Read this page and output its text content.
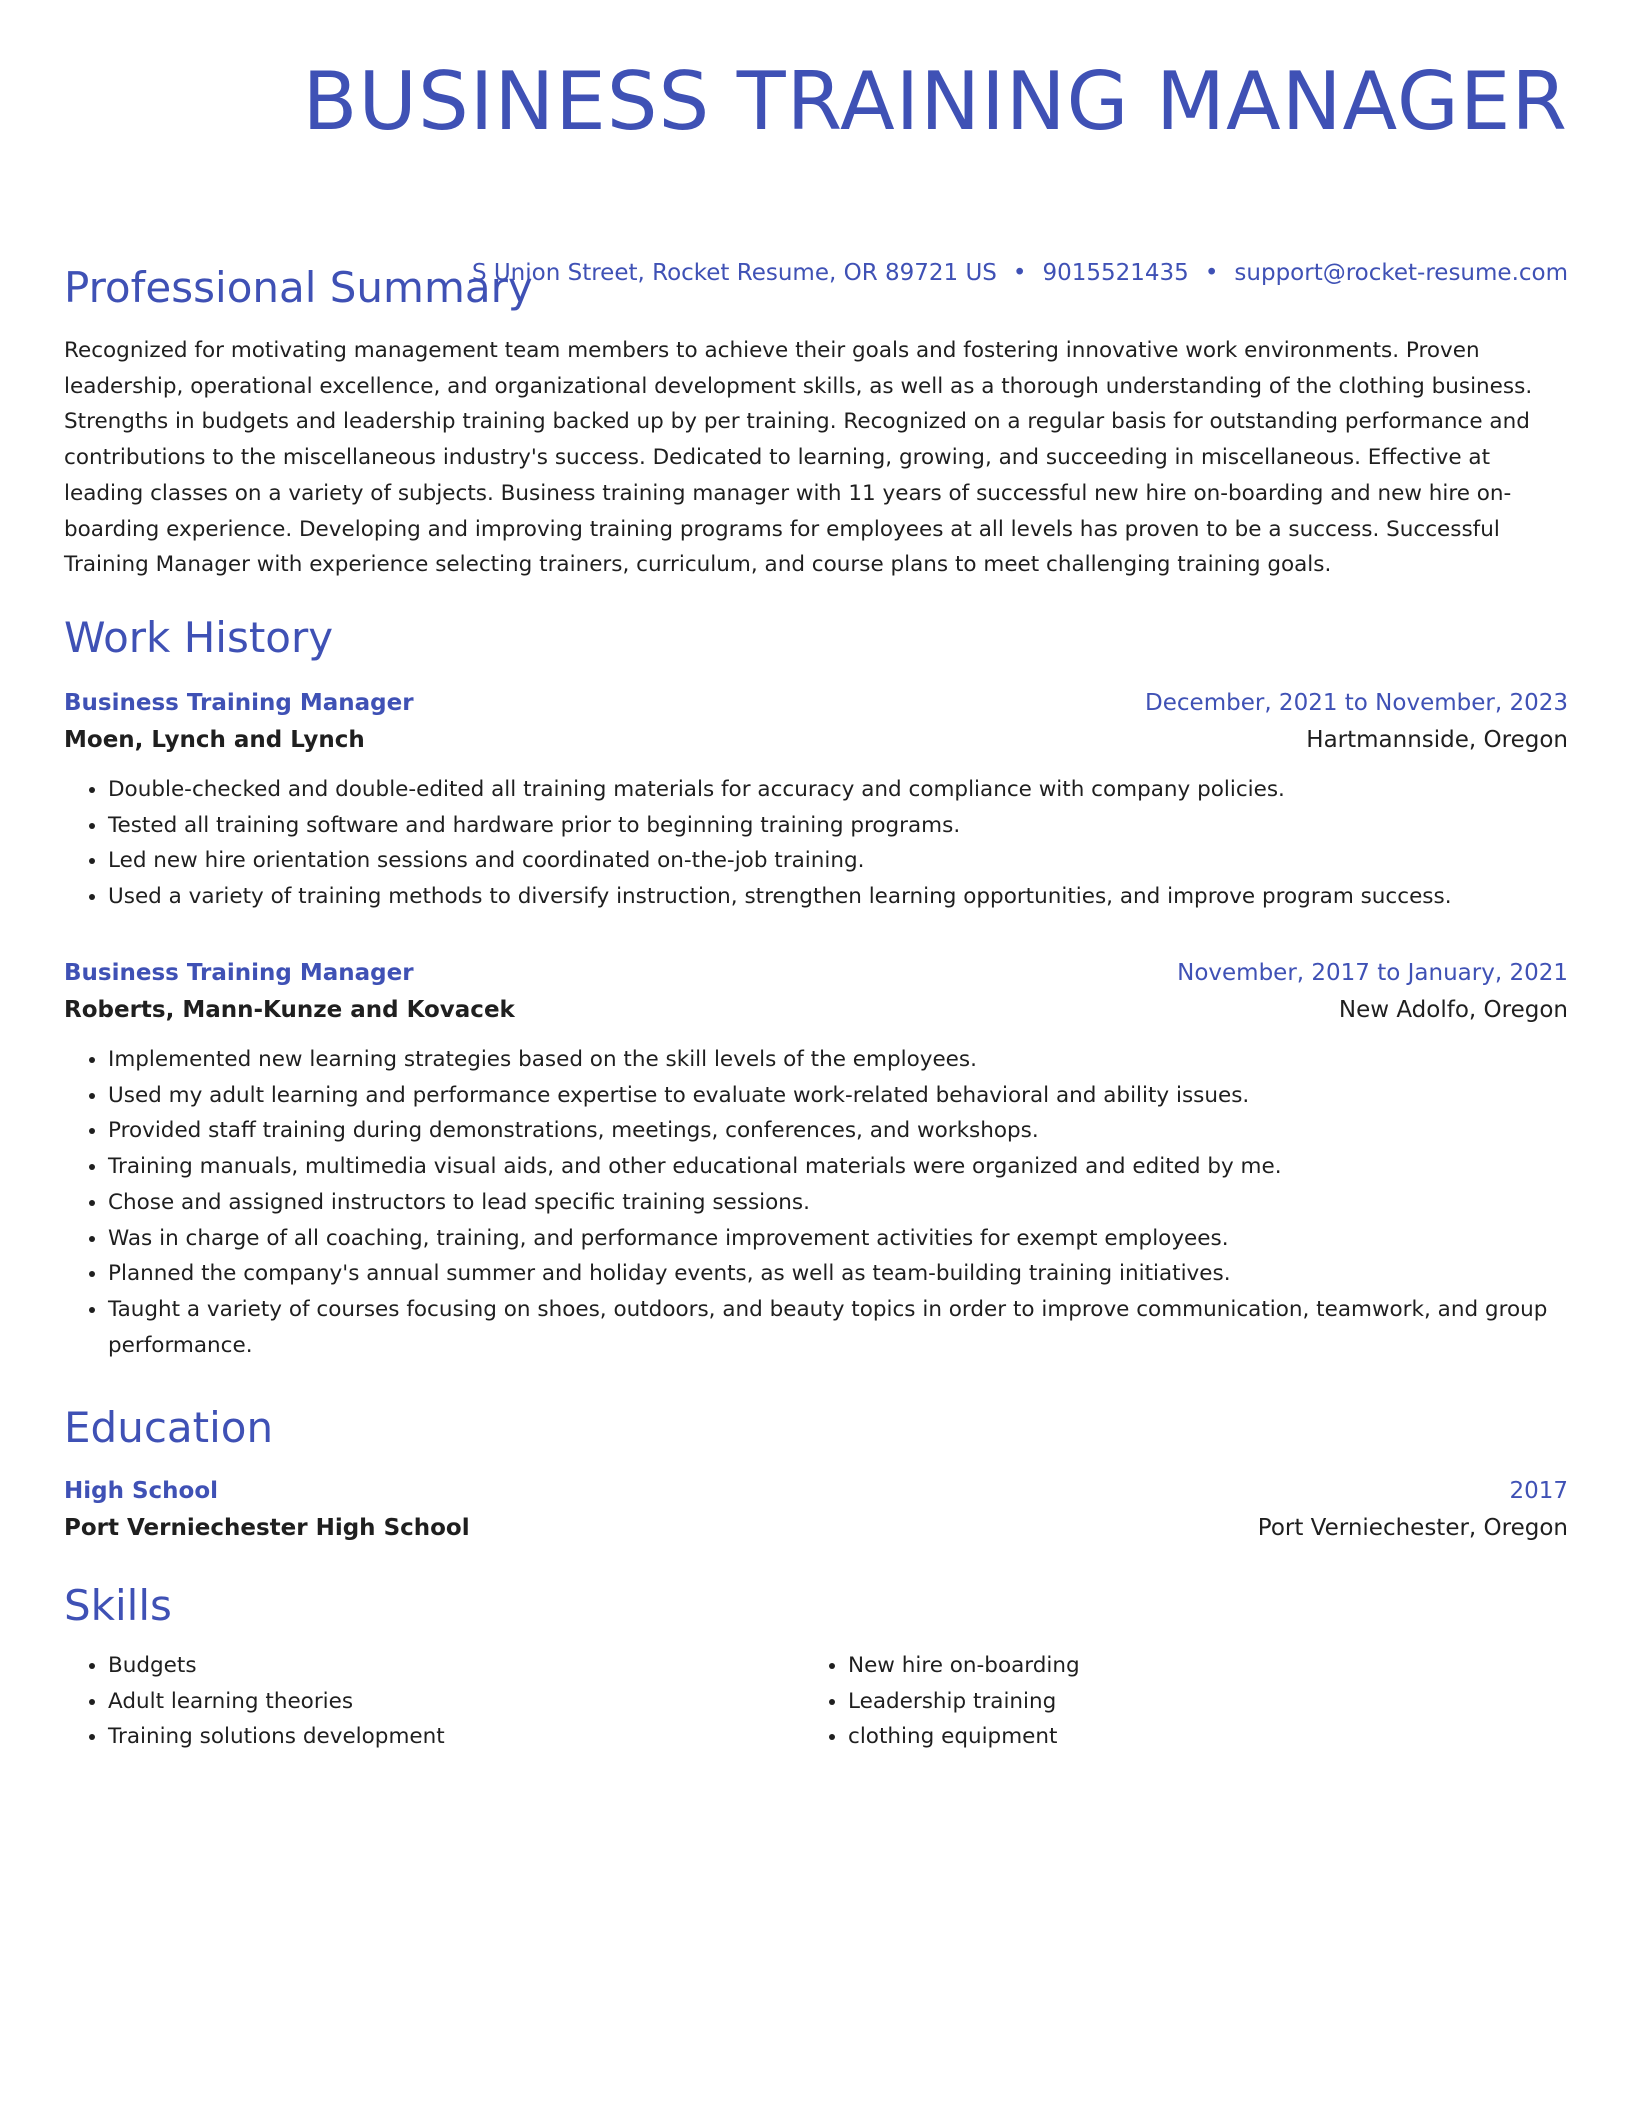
BUSINESS TRAINING MANAGER
S Union Street, Rocket Resume, OR 89721 US • 9015521435 • support@rocket-resume.com
Professional Summary

Recognized for motivating management team members to achieve their goals and fostering innovative work environments. Proven leadership, operational excellence, and organizational development skills, as well as a thorough understanding of the clothing business. Strengths in budgets and leadership training backed up by per training. Recognized on a regular basis for outstanding performance and contributions to the miscellaneous industry's success. Dedicated to learning, growing, and succeeding in miscellaneous. Effective at leading classes on a variety of subjects. Business training manager with 11 years of successful new hire on-boarding and new hire on-boarding experience. Developing and improving training programs for employees at all levels has proven to be a success. Successful Training Manager with experience selecting trainers, curriculum, and course plans to meet challenging training goals.

Work History
Business Training Manager	December, 2021 to November, 2023
Moen, Lynch and Lynch	Hartmannside, Oregon
• Double-checked and double-edited all training materials for accuracy and compliance with company policies.
• Tested all training software and hardware prior to beginning training programs.
• Led new hire orientation sessions and coordinated on-the-job training.
• Used a variety of training methods to diversify instruction, strengthen learning opportunities, and improve program success.
Business Training Manager	November, 2017 to January, 2021
Roberts, Mann-Kunze and Kovacek	New Adolfo, Oregon
• Implemented new learning strategies based on the skill levels of the employees.
• Used my adult learning and performance expertise to evaluate work-related behavioral and ability issues.
• Provided staff training during demonstrations, meetings, conferences, and workshops.
• Training manuals, multimedia visual aids, and other educational materials were organized and edited by me.
• Chose and assigned instructors to lead specific training sessions.
• Was in charge of all coaching, training, and performance improvement activities for exempt employees.
• Planned the company's annual summer and holiday events, as well as team-building training initiatives.
• Taught a variety of courses focusing on shoes, outdoors, and beauty topics in order to improve communication, teamwork, and group performance.
Education
High School	2017
Port Verniechester High School	Port Verniechester, Oregon
Skills
• Budgets
• Adult learning theories
• Training solutions development
• New hire on-boarding
• Leadership training
• clothing equipment
